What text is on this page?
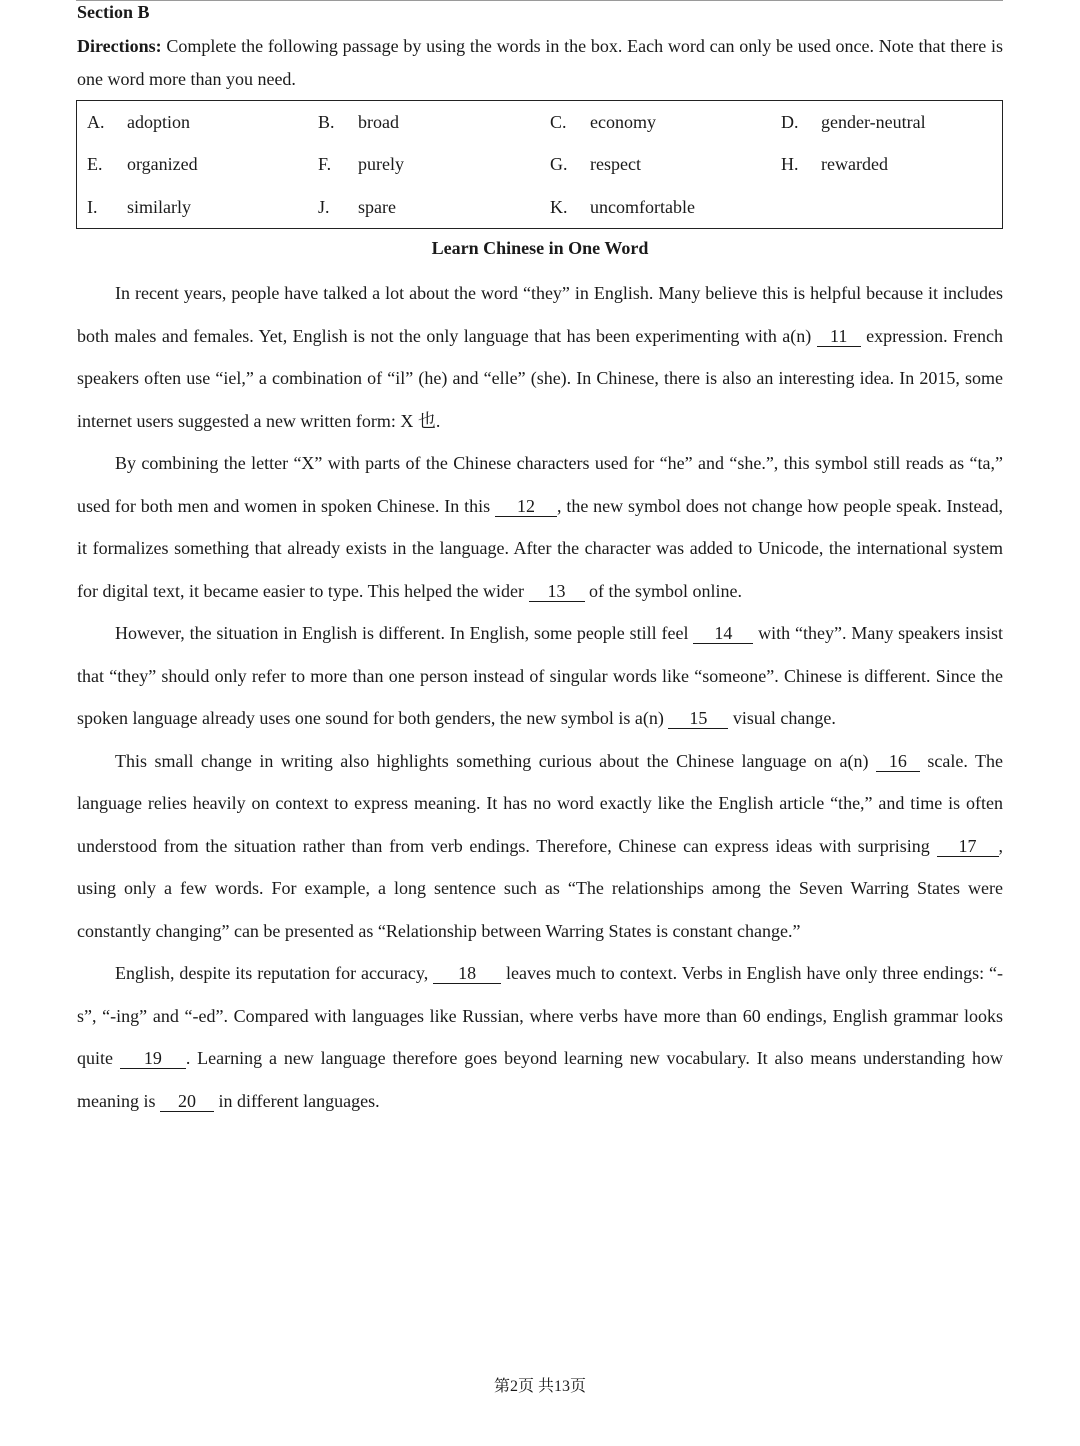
Section B
Directions: Complete the following passage by using the words in the box. Each word can only be used once. Note that there is one word more than you need.
A. adoption	B. broad	C. economy	D. gender-neutral
E. organized	F. purely	G. respect	H. rewarded
I. similarly	J. spare	K. uncomfortable
Learn Chinese in One Word

In recent years, people have talked a lot about the word “they” in English. Many believe this is helpful because it includes both males and females. Yet, English is not the only language that has been experimenting with a(n) 11 expression. French speakers often use “iel,” a combination of “il” (he) and “elle” (she). In Chinese, there is also an interesting idea. In 2015, some internet users suggested a new written form: X 也.

By combining the letter “X” with parts of the Chinese characters used for “he” and “she.”, this symbol still reads as “ta,” used for both men and women in spoken Chinese. In this 12 , the new symbol does not change how people speak. Instead, it formalizes something that already exists in the language. After the character was added to Unicode, the international system for digital text, it became easier to type. This helped the wider 13 of the symbol online.

However, the situation in English is different. In English, some people still feel 14 with “they”. Many speakers insist that “they” should only refer to more than one person instead of singular words like “someone”. Chinese is different. Since the spoken language already uses one sound for both genders, the new symbol is a(n) 15 visual change.

This small change in writing also highlights something curious about the Chinese language on a(n) 16 scale. The language relies heavily on context to express meaning. It has no word exactly like the English article “the,” and time is often understood from the situation rather than from verb endings. Therefore, Chinese can express ideas with surprising 17 , using only a few words. For example, a long sentence such as “The relationships among the Seven Warring States were constantly changing” can be presented as “Relationship between Warring States is constant change.”

English, despite its reputation for accuracy, 18 leaves much to context. Verbs in English have only three endings: “-s”, “-ing” and “-ed”. Compared with languages like Russian, where verbs have more than 60 endings, English grammar looks quite 19 . Learning a new language therefore goes beyond learning new vocabulary. It also means understanding how meaning is 20 in different languages.

第2页 共13页
